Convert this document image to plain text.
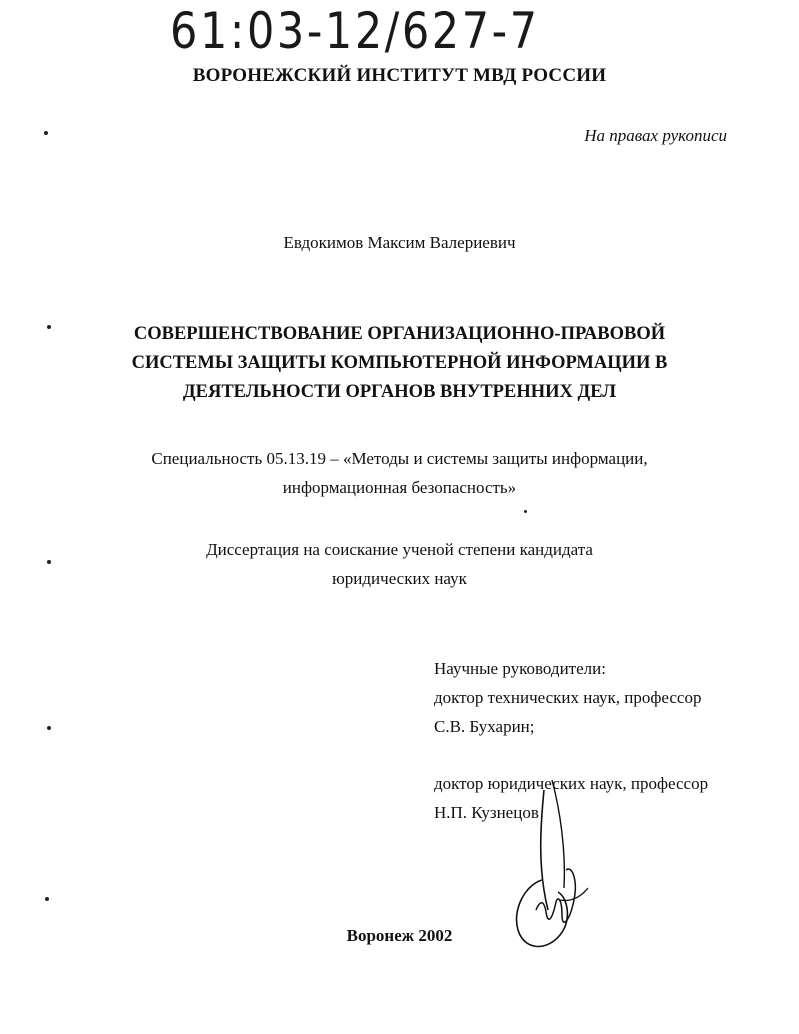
61:03-12/627-7
ВОРОНЕЖСКИЙ ИНСТИТУТ МВД РОССИИ
На правах рукописи
Евдокимов Максим Валериевич
СОВЕРШЕНСТВОВАНИЕ ОРГАНИЗАЦИОННО-ПРАВОВОЙ
СИСТЕМЫ ЗАЩИТЫ КОМПЬЮТЕРНОЙ ИНФОРМАЦИИ В
ДЕЯТЕЛЬНОСТИ ОРГАНОВ ВНУТРЕННИХ ДЕЛ
Специальность 05.13.19 – «Методы и системы защиты информации,
информационная безопасность»
Диссертация на соискание ученой степени кандидата
юридических наук
Научные руководители:
доктор технических наук, профессор
С.В. Бухарин;
доктор юридических наук, профессор
Н.П. Кузнецов
Воронеж 2002
